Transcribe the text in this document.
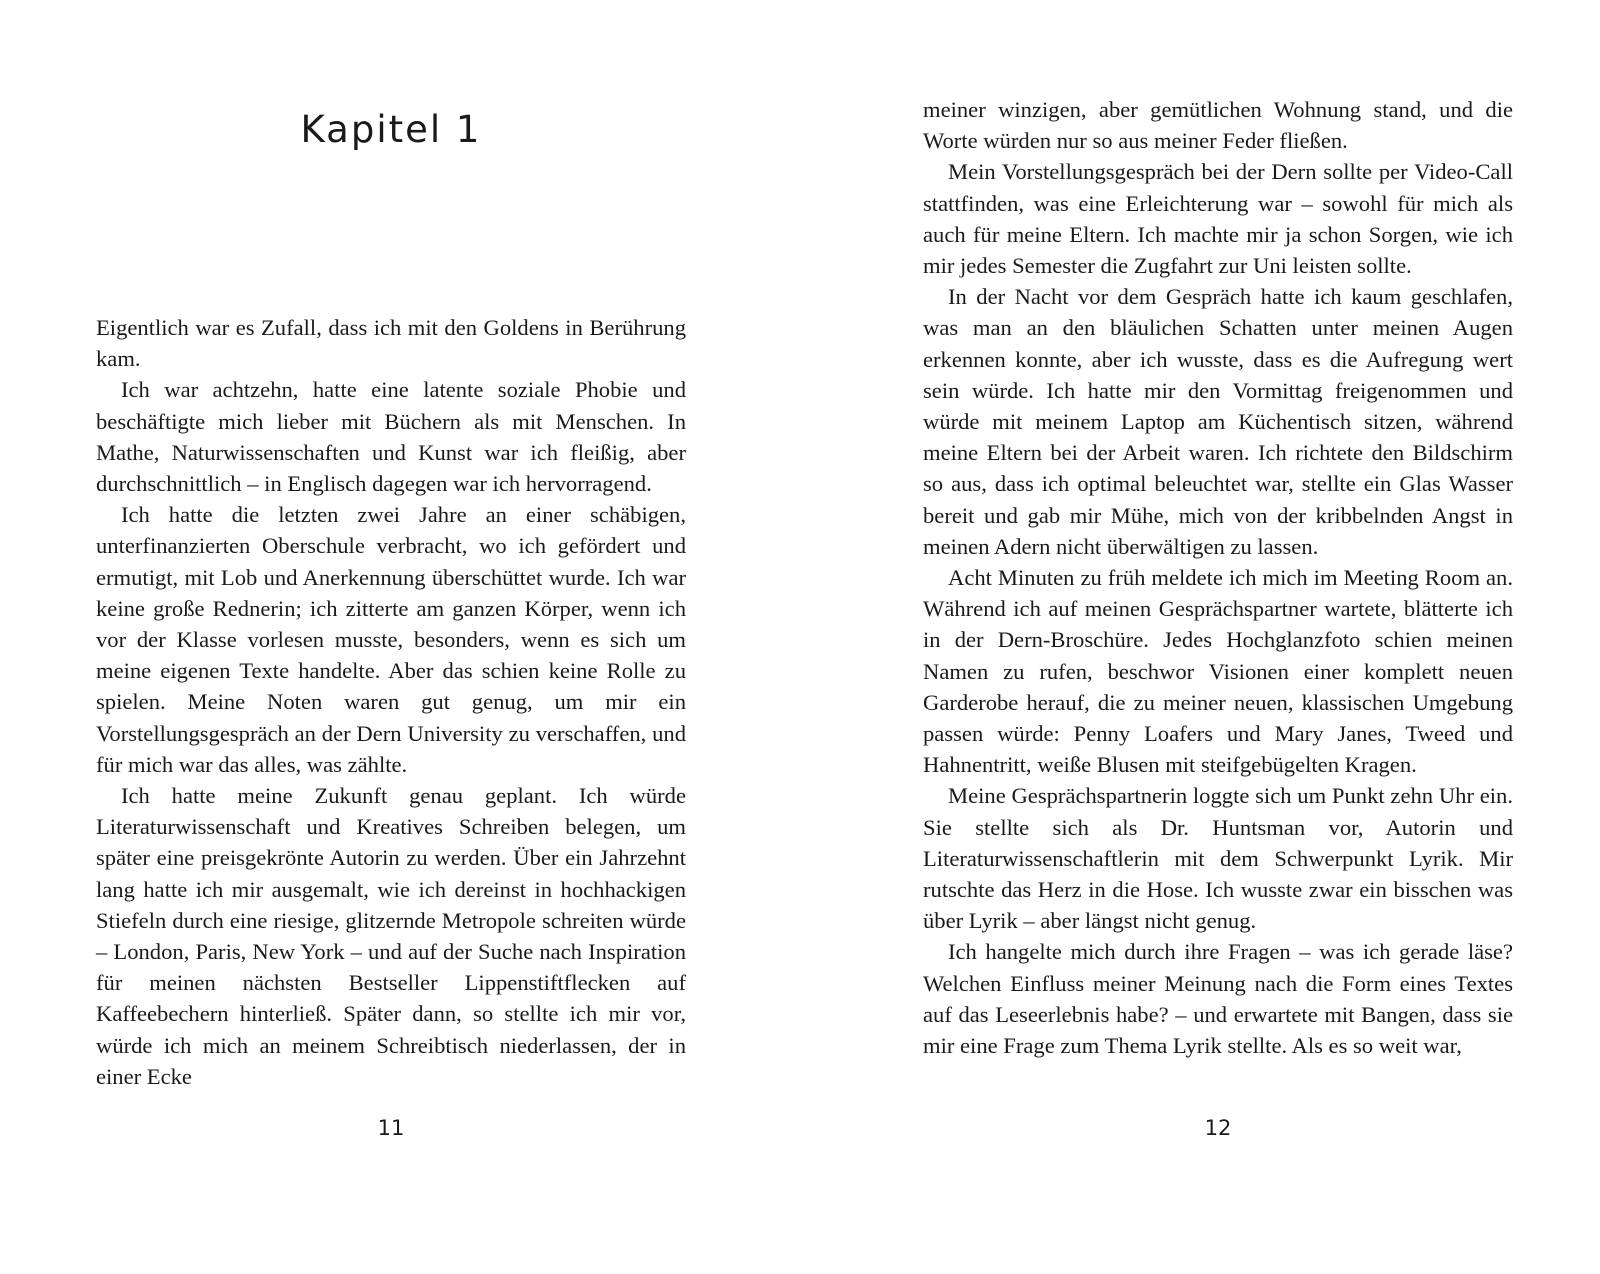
Kapitel 1

Eigentlich war es Zufall, dass ich mit den Goldens in Berührung kam.

Ich war achtzehn, hatte eine latente soziale Phobie und beschäftigte mich lieber mit Büchern als mit Menschen. In Mathe, Naturwissenschaften und Kunst war ich fleißig, aber durchschnittlich – in Englisch dagegen war ich hervorragend.

Ich hatte die letzten zwei Jahre an einer schäbigen, unterfinanzierten Oberschule verbracht, wo ich gefördert und ermutigt, mit Lob und Anerkennung überschüttet wurde. Ich war keine große Rednerin; ich zitterte am ganzen Körper, wenn ich vor der Klasse vorlesen musste, besonders, wenn es sich um meine eigenen Texte handelte. Aber das schien keine Rolle zu spielen. Meine Noten waren gut genug, um mir ein Vorstellungsgespräch an der Dern University zu verschaffen, und für mich war das alles, was zählte.

Ich hatte meine Zukunft genau geplant. Ich würde Literaturwissenschaft und Kreatives Schreiben belegen, um später eine preisgekrönte Autorin zu werden. Über ein Jahrzehnt lang hatte ich mir ausgemalt, wie ich dereinst in hochhackigen Stiefeln durch eine riesige, glitzernde Metropole schreiten würde – London, Paris, New York – und auf der Suche nach Inspiration für meinen nächsten Bestseller Lippenstiftflecken auf Kaffeebechern hinterließ. Später dann, so stellte ich mir vor, würde ich mich an meinem Schreibtisch niederlassen, der in einer Ecke

11

meiner winzigen, aber gemütlichen Wohnung stand, und die Worte würden nur so aus meiner Feder fließen.

Mein Vorstellungsgespräch bei der Dern sollte per Video-Call stattfinden, was eine Erleichterung war – sowohl für mich als auch für meine Eltern. Ich machte mir ja schon Sorgen, wie ich mir jedes Semester die Zugfahrt zur Uni leisten sollte.

In der Nacht vor dem Gespräch hatte ich kaum geschlafen, was man an den bläulichen Schatten unter meinen Augen erkennen konnte, aber ich wusste, dass es die Aufregung wert sein würde. Ich hatte mir den Vormittag freigenommen und würde mit meinem Laptop am Küchentisch sitzen, während meine Eltern bei der Arbeit waren. Ich richtete den Bildschirm so aus, dass ich optimal beleuchtet war, stellte ein Glas Wasser bereit und gab mir Mühe, mich von der kribbelnden Angst in meinen Adern nicht überwältigen zu lassen.

Acht Minuten zu früh meldete ich mich im Meeting Room an. Während ich auf meinen Gesprächspartner wartete, blätterte ich in der Dern-Broschüre. Jedes Hochglanzfoto schien meinen Namen zu rufen, beschwor Visionen einer komplett neuen Garderobe herauf, die zu meiner neuen, klassischen Umgebung passen würde: Penny Loafers und Mary Janes, Tweed und Hahnentritt, weiße Blusen mit steifgebügelten Kragen.

Meine Gesprächspartnerin loggte sich um Punkt zehn Uhr ein. Sie stellte sich als Dr. Huntsman vor, Autorin und Literaturwissenschaftlerin mit dem Schwerpunkt Lyrik. Mir rutschte das Herz in die Hose. Ich wusste zwar ein bisschen was über Lyrik – aber längst nicht genug.

Ich hangelte mich durch ihre Fragen – was ich gerade läse? Welchen Einfluss meiner Meinung nach die Form eines Textes auf das Leseerlebnis habe? – und erwartete mit Bangen, dass sie mir eine Frage zum Thema Lyrik stellte. Als es so weit war,

12
